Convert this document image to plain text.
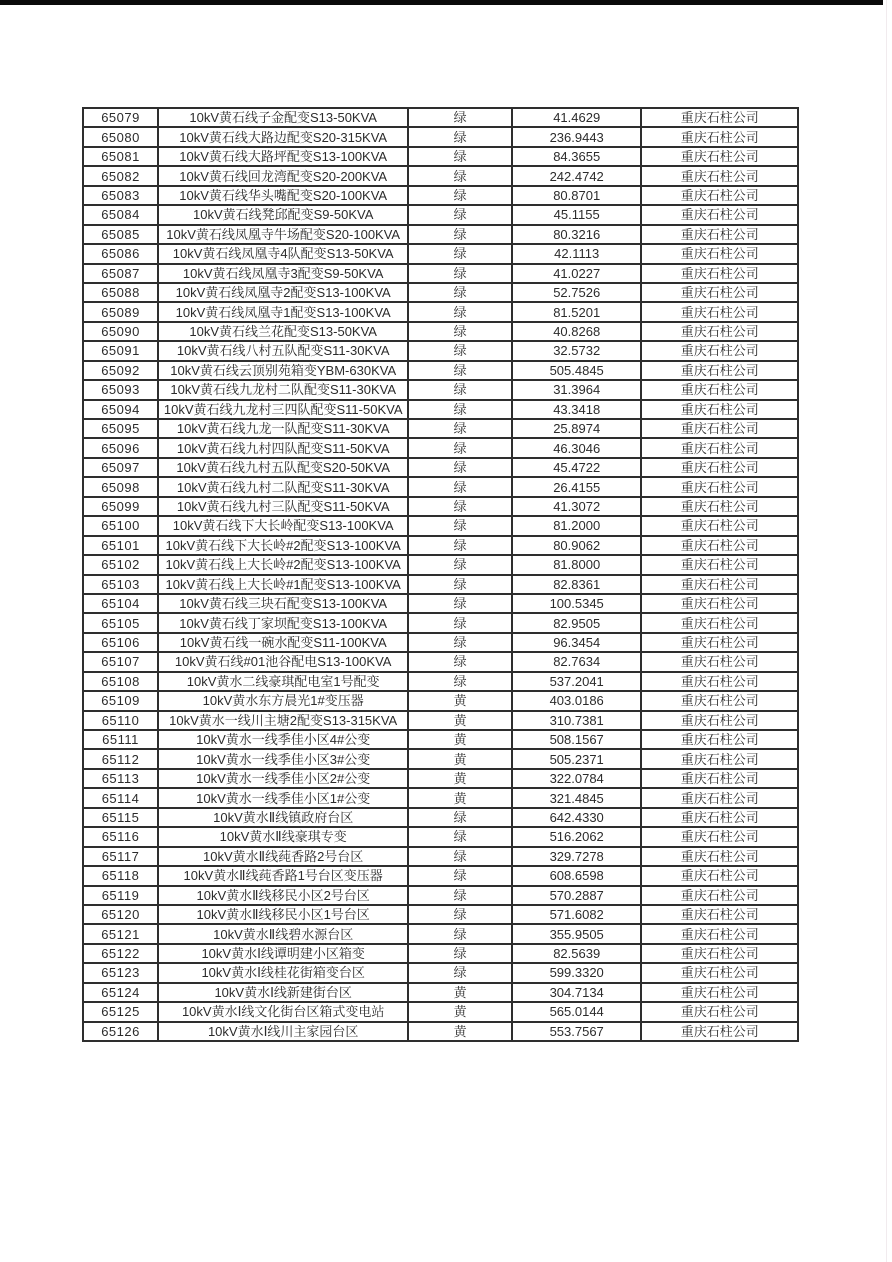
65079	10kV黄石线子金配变S13-50KVA	绿	41.4629	重庆石柱公司
65080	10kV黄石线大路边配变S20-315KVA	绿	236.9443	重庆石柱公司
65081	10kV黄石线大路坪配变S13-100KVA	绿	84.3655	重庆石柱公司
65082	10kV黄石线回龙湾配变S20-200KVA	绿	242.4742	重庆石柱公司
65083	10kV黄石线华头嘴配变S20-100KVA	绿	80.8701	重庆石柱公司
65084	10kV黄石线凳邱配变S9-50KVA	绿	45.1155	重庆石柱公司
65085	10kV黄石线凤凰寺牛场配变S20-100KVA	绿	80.3216	重庆石柱公司
65086	10kV黄石线凤凰寺4队配变S13-50KVA	绿	42.1113	重庆石柱公司
65087	10kV黄石线凤凰寺3配变S9-50KVA	绿	41.0227	重庆石柱公司
65088	10kV黄石线凤凰寺2配变S13-100KVA	绿	52.7526	重庆石柱公司
65089	10kV黄石线凤凰寺1配变S13-100KVA	绿	81.5201	重庆石柱公司
65090	10kV黄石线兰花配变S13-50KVA	绿	40.8268	重庆石柱公司
65091	10kV黄石线八村五队配变S11-30KVA	绿	32.5732	重庆石柱公司
65092	10kV黄石线云顶别苑箱变YBM-630KVA	绿	505.4845	重庆石柱公司
65093	10kV黄石线九龙村二队配变S11-30KVA	绿	31.3964	重庆石柱公司
65094	10kV黄石线九龙村三四队配变S11-50KVA	绿	43.3418	重庆石柱公司
65095	10kV黄石线九龙一队配变S11-30KVA	绿	25.8974	重庆石柱公司
65096	10kV黄石线九村四队配变S11-50KVA	绿	46.3046	重庆石柱公司
65097	10kV黄石线九村五队配变S20-50KVA	绿	45.4722	重庆石柱公司
65098	10kV黄石线九村二队配变S11-30KVA	绿	26.4155	重庆石柱公司
65099	10kV黄石线九村三队配变S11-50KVA	绿	41.3072	重庆石柱公司
65100	10kV黄石线下大长岭配变S13-100KVA	绿	81.2000	重庆石柱公司
65101	10kV黄石线下大长岭#2配变S13-100KVA	绿	80.9062	重庆石柱公司
65102	10kV黄石线上大长岭#2配变S13-100KVA	绿	81.8000	重庆石柱公司
65103	10kV黄石线上大长岭#1配变S13-100KVA	绿	82.8361	重庆石柱公司
65104	10kV黄石线三块石配变S13-100KVA	绿	100.5345	重庆石柱公司
65105	10kV黄石线丁家坝配变S13-100KVA	绿	82.9505	重庆石柱公司
65106	10kV黄石线一碗水配变S11-100KVA	绿	96.3454	重庆石柱公司
65107	10kV黄石线#01池谷配电S13-100KVA	绿	82.7634	重庆石柱公司
65108	10kV黄水二线豪琪配电室1号配变	绿	537.2041	重庆石柱公司
65109	10kV黄水东方晨光1#变压器	黄	403.0186	重庆石柱公司
65110	10kV黄水一线川主塘2配变S13-315KVA	黄	310.7381	重庆石柱公司
65111	10kV黄水一线季佳小区4#公变	黄	508.1567	重庆石柱公司
65112	10kV黄水一线季佳小区3#公变	黄	505.2371	重庆石柱公司
65113	10kV黄水一线季佳小区2#公变	黄	322.0784	重庆石柱公司
65114	10kV黄水一线季佳小区1#公变	黄	321.4845	重庆石柱公司
65115	10kV黄水Ⅱ线镇政府台区	绿	642.4330	重庆石柱公司
65116	10kV黄水Ⅱ线豪琪专变	绿	516.2062	重庆石柱公司
65117	10kV黄水Ⅱ线莼香路2号台区	绿	329.7278	重庆石柱公司
65118	10kV黄水Ⅱ线莼香路1号台区变压器	绿	608.6598	重庆石柱公司
65119	10kV黄水Ⅱ线移民小区2号台区	绿	570.2887	重庆石柱公司
65120	10kV黄水Ⅱ线移民小区1号台区	绿	571.6082	重庆石柱公司
65121	10kV黄水Ⅱ线碧水源台区	绿	355.9505	重庆石柱公司
65122	10kV黄水Ⅰ线谭明建小区箱变	绿	82.5639	重庆石柱公司
65123	10kV黄水Ⅰ线桂花街箱变台区	绿	599.3320	重庆石柱公司
65124	10kV黄水Ⅰ线新建街台区	黄	304.7134	重庆石柱公司
65125	10kV黄水Ⅰ线文化街台区箱式变电站	黄	565.0144	重庆石柱公司
65126	10kV黄水Ⅰ线川主家园台区	黄	553.7567	重庆石柱公司
